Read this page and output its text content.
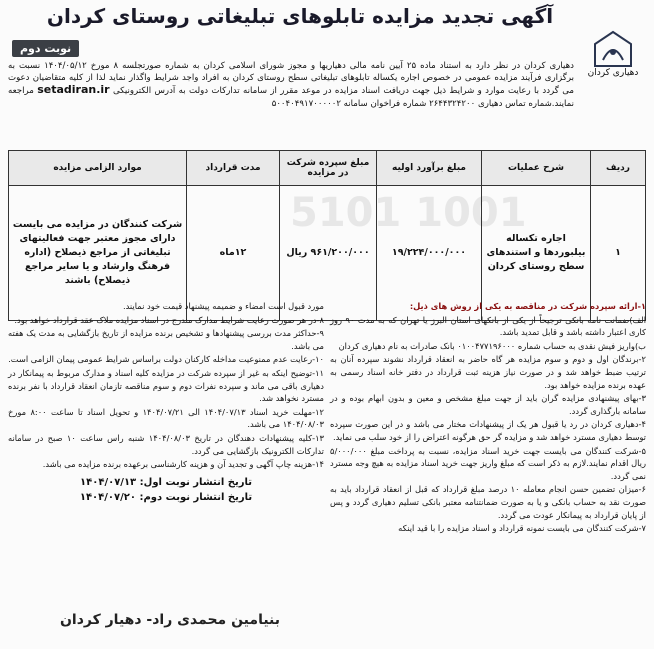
آگهی تجدید مزایده تابلوهای تبلیغاتی روستای کردان
دهیاری کردان
نوبت دوم
دهیاری کردان در نظر دارد به استناد ماده ۲۵ آیین نامه مالی دهیاریها و مجوز شورای اسلامی کردان به شماره صورتجلسه ۸ مورخ ۱۴۰۴/۰۵/۱۲ نسبت به برگزاری فرآیند مزایده عمومی در خصوص اجاره یکساله تابلوهای تبلیغاتی سطح روستای کردان به افراد واجد شرایط واگذار نماید لذا از کلیه متقاضیان دعوت می گردد با رعایت موارد و شرایط ذیل جهت دریافت اسناد مزایده در موعد مقرر از سامانه تدارکات دولت به آدرس الکترونیکی setadiran.ir مراجعه نمایند.شماره تماس دهیاری ۲۶۴۴۳۲۴۲۰۰ شماره فراخوان سامانه ۵۰۰۴۰۴۹۱۷۰۰۰۰۰۲
5101 1001
ردیف	شرح عملیات	مبلغ برآورد اولیه	مبلغ سپرده شرکت در مزایده	مدت قرارداد	موارد الزامی مزایده
۱	اجاره تکساله بیلبوردها و استندهای سطح روستای کردان	۱۹/۲۲۴/۰۰۰/۰۰۰	۹۶۱/۲۰۰/۰۰۰ ریال	۱۲ماه	شرکت کنندگان در مزایده می بایست دارای مجوز معتبر جهت فعالیتهای تبلیغاتی از مراجع ذیصلاح (اداره فرهنگ وارشاد و یا سایر مراجع ذیصلاح) باشند

۱-ارائه سپرده شرکت در مناقصه به یکی از روش های ذیل:

الف)ضمانت نامه بانکی ترجیحاً از یکی از بانکهای استان البرز یا تهران که به مدت ۹۰ روز کاری اعتبار داشته باشد و قابل تمدید باشد.

ب)واریز فیش نقدی به حساب شماره ۰۱۰۰۴۷۷۱۹۶۰۰۰ بانک صادرات به نام دهیاری کردان

۲-برندگان اول و دوم و سوم مزایده هر گاه حاضر به انعقاد قرارداد نشوند سپرده آنان به ترتیب ضبط خواهد شد و در صورت نیاز هزینه ثبت قرارداد در دفتر خانه اسناد رسمی به عهده برنده مزایده خواهد بود.

۳-بهای پیشنهادی مزایده گران باید از جهت مبلغ مشخص و معین و بدون ابهام بوده و در سامانه بارگذاری گردد.

۴-دهیاری کردان در رد یا قبول هر یک از پیشنهادات مختار می باشد و در این صورت سپرده توسط دهیاری مسترد خواهد شد و مزایده گر حق هرگونه اعتراض را از خود سلب می نماید.

۵-شرکت کنندگان می بایست جهت خرید اسناد مزایده، نسبت به پرداخت مبلغ ۵/۰۰۰/۰۰۰ ریال اقدام نمایند.لازم به ذکر است که مبلغ واریز جهت خرید اسناد مزایده به هیچ وجه مسترد نمی گردد.

۶-میزان تضمین حسن انجام معامله ۱۰ درصد مبلغ قرارداد که قبل از انعقاد قرارداد باید به صورت نقد به حساب بانکی و یا به صورت ضمانتنامه معتبر بانکی تسلیم دهیاری گردد و پس از پایان قرارداد به پیمانکار عودت می گردد.

۷-شرکت کنندگان می بایست نمونه قرارداد و اسناد مزایده را با قید اینکه

مورد قبول است امضاء و ضمیمه پیشنهاد قیمت خود نمایند.

۸-در هر صورت رعایت شرایط مدارک مندرج در اسناد مزایده ملاک عقد قرارداد خواهد بود.

۹-حداکثر مدت بررسی پیشنهادها و تشخیص برنده مزایده از تاریخ بازگشایی به مدت یک هفته می باشد.

۱۰-رعایت عدم ممنوعیت مداخله کارکنان دولت براساس شرایط عمومی پیمان الزامی است.

۱۱-توضیح اینکه به غیر از سپرده شرکت در مزایده کلیه اسناد و مدارک مربوط به پیمانکار در دهیاری باقی می ماند و سپرده نفرات دوم و سوم مناقصه تازمان انعقاد قرارداد با نفر برنده مسترد نخواهد شد.

۱۲-مهلت خرید اسناد ۱۴۰۴/۰۷/۱۳ الی ۱۴۰۴/۰۷/۲۱ و تحویل اسناد تا ساعت ۸:۰۰ مورخ ۱۴۰۴/۰۸/۰۳ می باشد.

۱۳-کلیه پیشنهادات دهندگان در تاریخ ۱۴۰۴/۰۸/۰۳ شنبه راس ساعت ۱۰ صبح در سامانه تدارکات الکترونیک بازگشایی می گردد.

۱۴-هزینه چاپ آگهی و تجدید آن و هزینه کارشناسی برعهده برنده مزایده می باشد.

تاریخ انتشار نوبت اول: ۱۴۰۴/۰۷/۱۳
تاریخ انتشار نوبت دوم: ۱۴۰۴/۰۷/۲۰
بنیامین محمدی راد- دهیار کردان
